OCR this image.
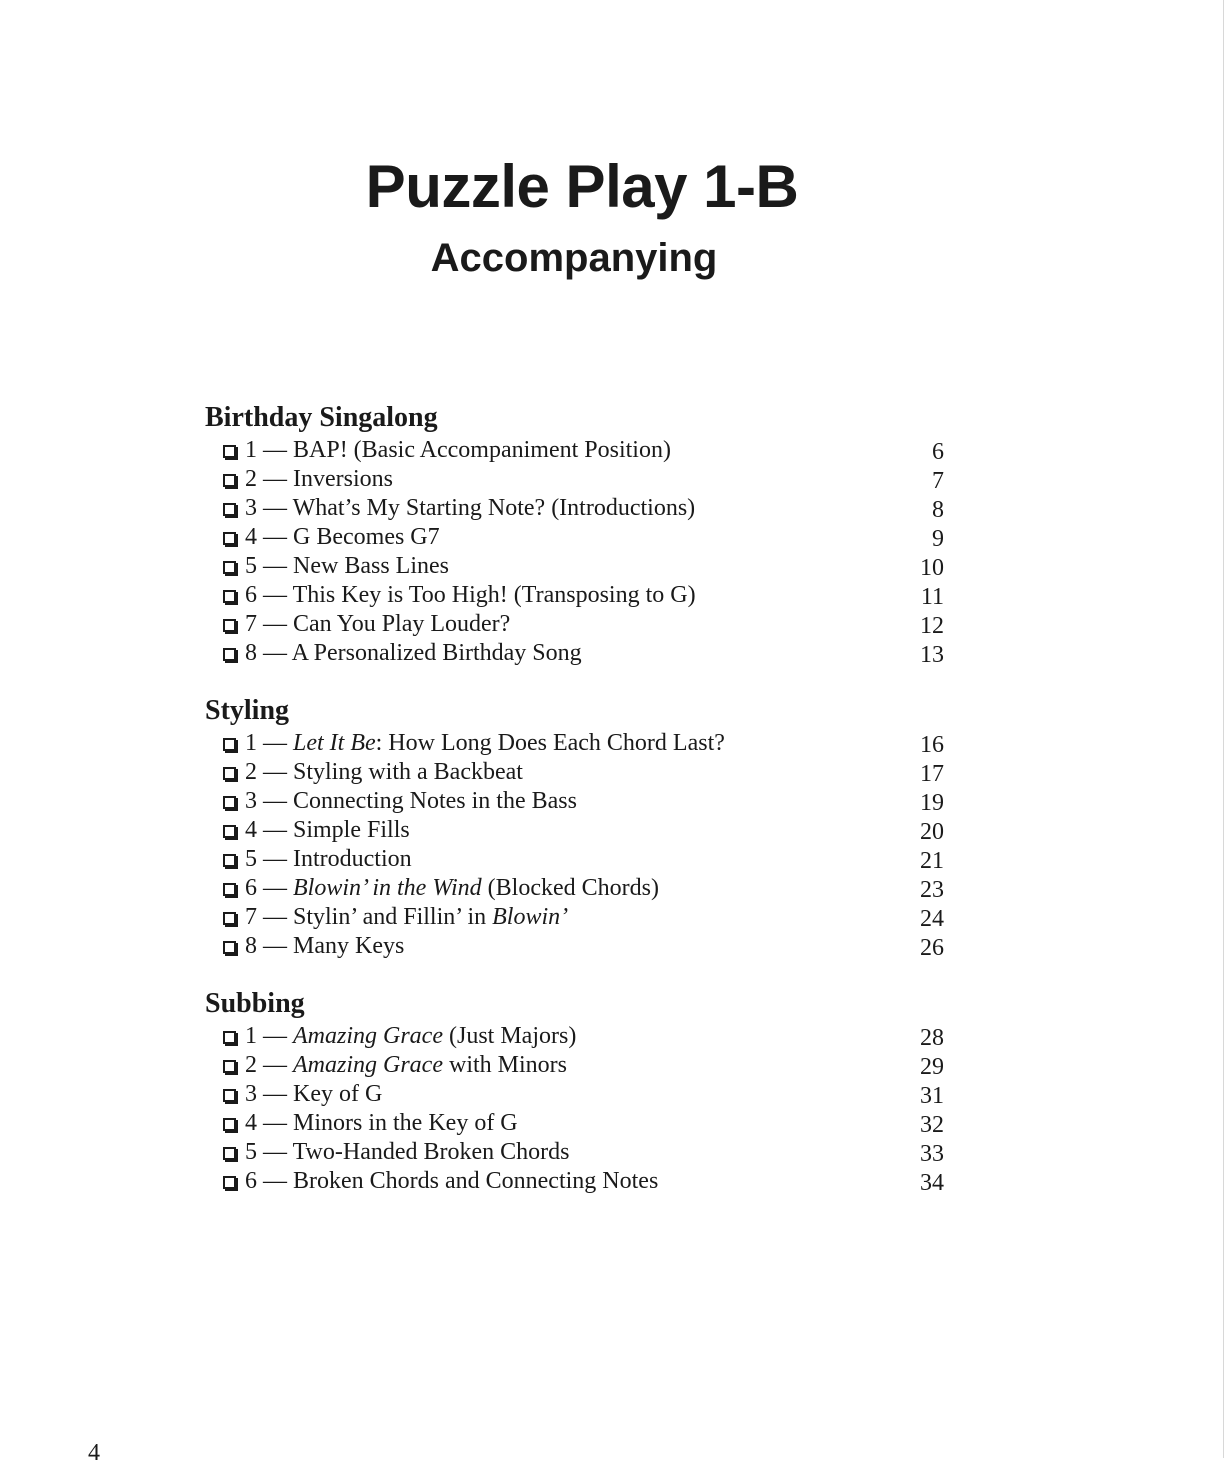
Puzzle Play 1-B
Accompanying
Birthday Singalong
1 — BAP! (Basic Accompaniment Position)	6
2 — Inversions	7
3 — What’s My Starting Note? (Introductions)	8
4 — G Becomes G7	9
5 — New Bass Lines	10
6 — This Key is Too High! (Transposing to G)	11
7 — Can You Play Louder?	12
8 — A Personalized Birthday Song	13
Styling
1 — Let It Be: How Long Does Each Chord Last?	16
2 — Styling with a Backbeat	17
3 — Connecting Notes in the Bass	19
4 — Simple Fills	20
5 — Introduction	21
6 — Blowin’ in the Wind (Blocked Chords)	23
7 — Stylin’ and Fillin’ in Blowin’	24
8 — Many Keys	26
Subbing
1 — Amazing Grace (Just Majors)	28
2 — Amazing Grace with Minors	29
3 — Key of G	31
4 — Minors in the Key of G	32
5 — Two-Handed Broken Chords	33
6 — Broken Chords and Connecting Notes	34
4
